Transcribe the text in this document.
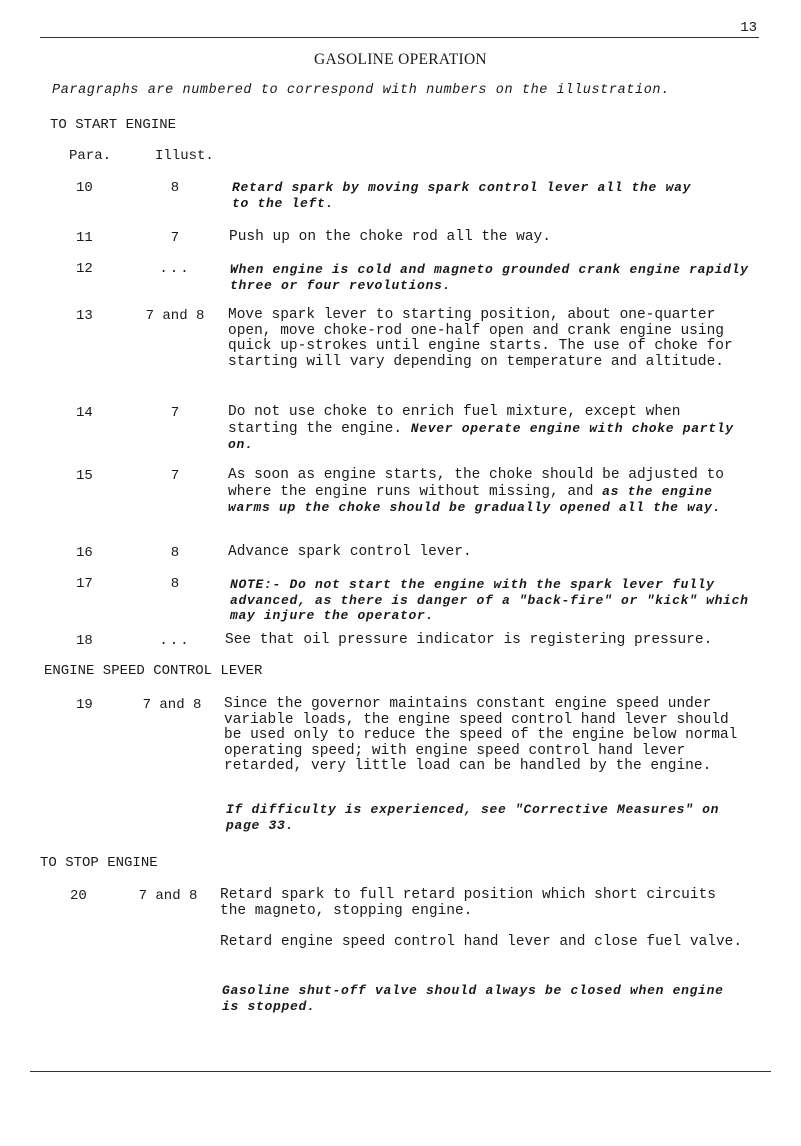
13
GASOLINE OPERATION
Paragraphs are numbered to correspond with numbers on the illustration.
TO START ENGINE
Para.	Illust.
10	8	Retard spark by moving spark control lever all the way to the left.
11	7	Push up on the choke rod all the way.
12	...	When engine is cold and magneto grounded crank engine rapidly three or four revolutions.
13	7 and 8	Move spark lever to starting position, about one-quarter open, move choke-rod one-half open and crank engine using quick up-strokes until engine starts. The use of choke for starting will vary depending on temperature and altitude.
14	7	Do not use choke to enrich fuel mixture, except when starting the engine. Never operate engine with choke partly on.
15	7	As soon as engine starts, the choke should be adjusted to where the engine runs without missing, and as the engine warms up the choke should be gradually opened all the way.
16	8	Advance spark control lever.
17	8	NOTE:- Do not start the engine with the spark lever fully advanced, as there is danger of a "back-fire" or "kick" which may injure the operator.
18	...	See that oil pressure indicator is registering pressure.
ENGINE SPEED CONTROL LEVER
19	7 and 8	Since the governor maintains constant engine speed under variable loads, the engine speed control hand lever should be used only to reduce the speed of the engine below normal operating speed; with engine speed control hand lever retarded, very little load can be handled by the engine.
If difficulty is experienced, see "Corrective Measures" on page 33.
TO STOP ENGINE
20	7 and 8	Retard spark to full retard position which short circuits the magneto, stopping engine.
Retard engine speed control hand lever and close fuel valve.
Gasoline shut-off valve should always be closed when engine is stopped.
